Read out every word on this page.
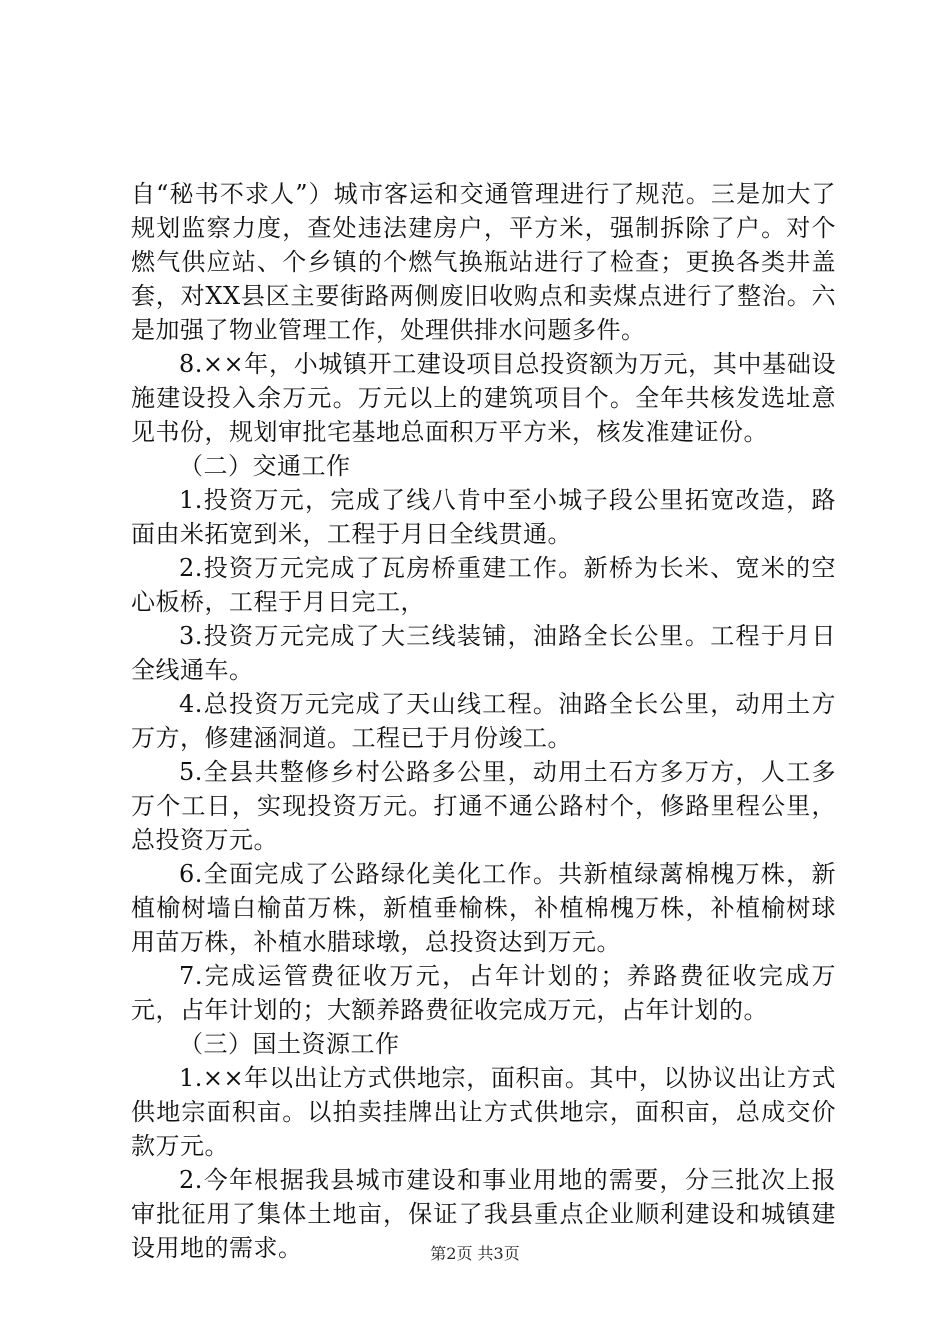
自“秘书不求人”）城市客运和交通管理进行了规范。三是加大了规划监察力度，查处违法建房户，平方米，强制拆除了户。对个燃气供应站、个乡镇的个燃气换瓶站进行了检查；更换各类井盖套，对XX县区主要街路两侧废旧收购点和卖煤点进行了整治。六是加强了物业管理工作，处理供排水问题多件。

8.××年，小城镇开工建设项目总投资额为万元，其中基础设施建设投入余万元。万元以上的建筑项目个。全年共核发选址意见书份，规划审批宅基地总面积万平方米，核发准建证份。

（二）交通工作

1.投资万元，完成了线八肯中至小城子段公里拓宽改造，路面由米拓宽到米，工程于月日全线贯通。

2.投资万元完成了瓦房桥重建工作。新桥为长米、宽米的空心板桥，工程于月日完工，

3.投资万元完成了大三线装铺，油路全长公里。工程于月日全线通车。

4.总投资万元完成了天山线工程。油路全长公里，动用土方万方，修建涵洞道。工程已于月份竣工。

5.全县共整修乡村公路多公里，动用土石方多万方，人工多万个工日，实现投资万元。打通不通公路村个，修路里程公里，总投资万元。

6.全面完成了公路绿化美化工作。共新植绿蓠棉槐万株，新植榆树墙白榆苗万株，新植垂榆株，补植棉槐万株，补植榆树球用苗万株，补植水腊球墩，总投资达到万元。

7.完成运管费征收万元，占年计划的；养路费征收完成万元，占年计划的；大额养路费征收完成万元，占年计划的。

（三）国土资源工作

1.××年以出让方式供地宗，面积亩。其中，以协议出让方式供地宗面积亩。以拍卖挂牌出让方式供地宗，面积亩，总成交价款万元。

2.今年根据我县城市建设和事业用地的需要，分三批次上报审批征用了集体土地亩，保证了我县重点企业顺利建设和城镇建设用地的需求。	第2页 共3页
